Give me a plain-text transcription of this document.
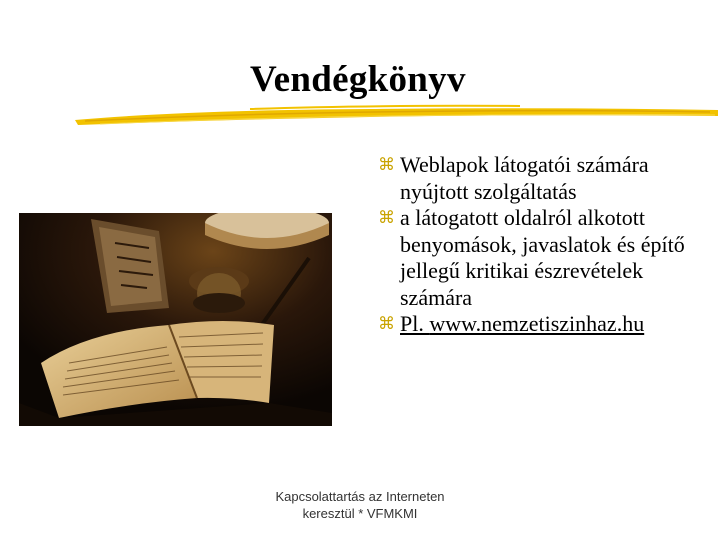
Vendégkönyv
⌘ Weblapok látogatói számára nyújtott szolgáltatás
⌘ a látogatott oldalról alkotott benyomások, javaslatok és építő jellegű kritikai észrevételek számára
⌘ Pl. www.nemzetiszinhaz.hu
Kapcsolattartás az Interneten
keresztül * VFMKMI
